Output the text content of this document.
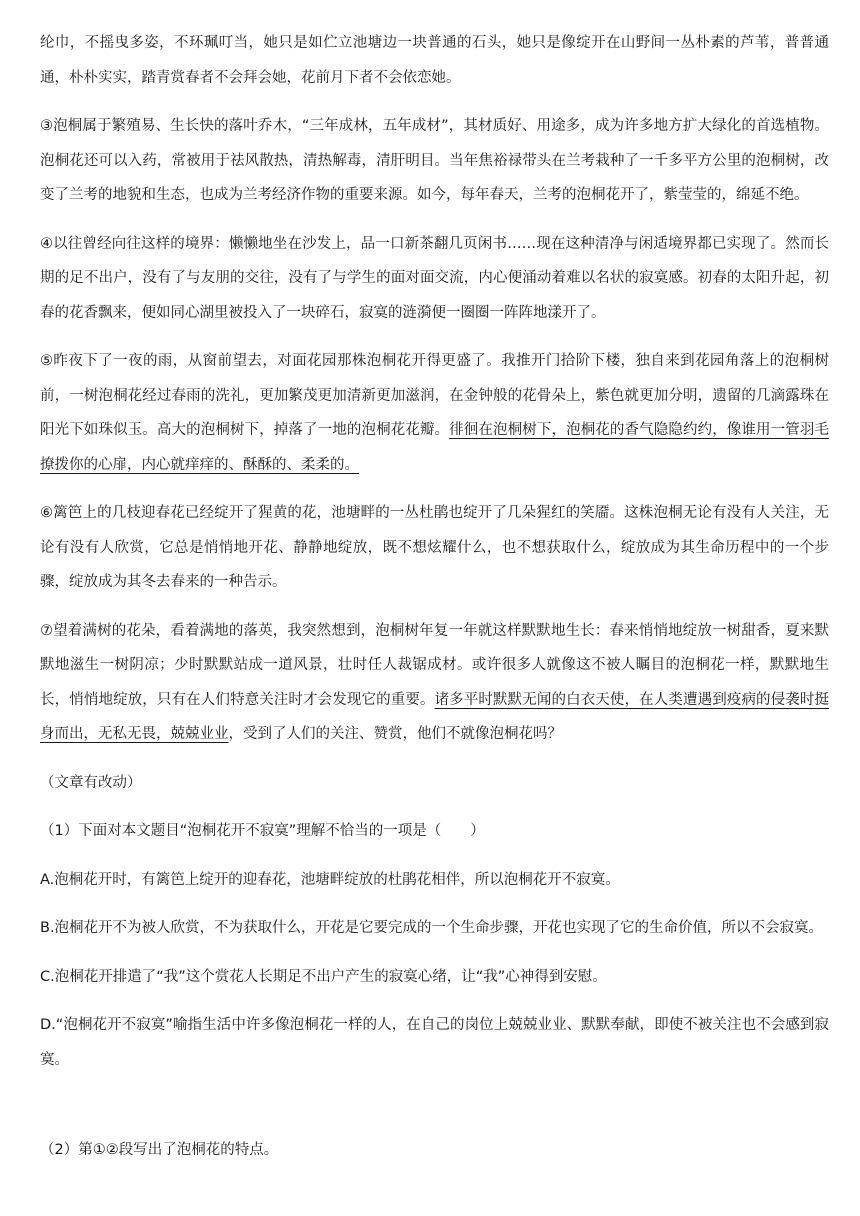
纶巾，不摇曳多姿，不环珮叮当，她只是如伫立池塘边一块普通的石头，她只是像绽开在山野间一丛朴素的芦苇，普普通通，朴朴实实，踏青赏春者不会拜会她，花前月下者不会依恋她。

③泡桐属于繁殖易、生长快的落叶乔木，“三年成林，五年成材”，其材质好、用途多，成为许多地方扩大绿化的首选植物。泡桐花还可以入药，常被用于祛风散热，清热解毒，清肝明目。当年焦裕禄带头在兰考栽种了一千多平方公里的泡桐树，改变了兰考的地貌和生态，也成为兰考经济作物的重要来源。如今，每年春天，兰考的泡桐花开了，紫莹莹的，绵延不绝。

④以往曾经向往这样的境界：懒懒地坐在沙发上，品一口新茶翻几页闲书……现在这种清净与闲适境界都已实现了。然而长期的足不出户，没有了与友朋的交往，没有了与学生的面对面交流，内心便涌动着难以名状的寂寞感。初春的太阳升起，初春的花香飘来，便如同心湖里被投入了一块碎石，寂寞的涟漪便一圈圈一阵阵地漾开了。

⑤昨夜下了一夜的雨，从窗前望去，对面花园那株泡桐花开得更盛了。我推开门拾阶下楼，独自来到花园角落上的泡桐树前，一树泡桐花经过春雨的洗礼，更加繁茂更加清新更加滋润，在金钟般的花骨朵上，紫色就更加分明，遗留的几滴露珠在阳光下如珠似玉。高大的泡桐树下，掉落了一地的泡桐花花瓣。徘徊在泡桐树下，泡桐花的香气隐隐约约，像谁用一管羽毛撩拨你的心扉，内心就痒痒的、酥酥的、柔柔的。

⑥篱笆上的几枝迎春花已经绽开了猩黄的花，池塘畔的一丛杜鹃也绽开了几朵猩红的笑靥。这株泡桐无论有没有人关注，无论有没有人欣赏，它总是悄悄地开花、静静地绽放，既不想炫耀什么，也不想获取什么，绽放成为其生命历程中的一个步骤，绽放成为其冬去春来的一种告示。

⑦望着满树的花朵，看着满地的落英，我突然想到，泡桐树年复一年就这样默默地生长：春来悄悄地绽放一树甜香，夏来默默地滋生一树阴凉；少时默默站成一道风景，壮时任人裁锯成材。或许很多人就像这不被人瞩目的泡桐花一样，默默地生长，悄悄地绽放，只有在人们特意关注时才会发现它的重要。诸多平时默默无闻的白衣天使，在人类遭遇到疫病的侵袭时挺身而出，无私无畏，兢兢业业，受到了人们的关注、赞赏，他们不就像泡桐花吗？

（文章有改动）

（1）下面对本文题目“泡桐花开不寂寞”理解不恰当的一项是（　　）

A.泡桐花开时，有篱笆上绽开的迎春花，池塘畔绽放的杜鹃花相伴，所以泡桐花开不寂寞。

B.泡桐花开不为被人欣赏，不为获取什么，开花是它要完成的一个生命步骤，开花也实现了它的生命价值，所以不会寂寞。

C.泡桐花开排遣了“我”这个赏花人长期足不出户产生的寂寞心绪，让“我”心神得到安慰。

D.“泡桐花开不寂寞”喻指生活中许多像泡桐花一样的人，在自己的岗位上兢兢业业、默默奉献，即使不被关注也不会感到寂寞。

（2）第①②段写出了泡桐花的特点。
